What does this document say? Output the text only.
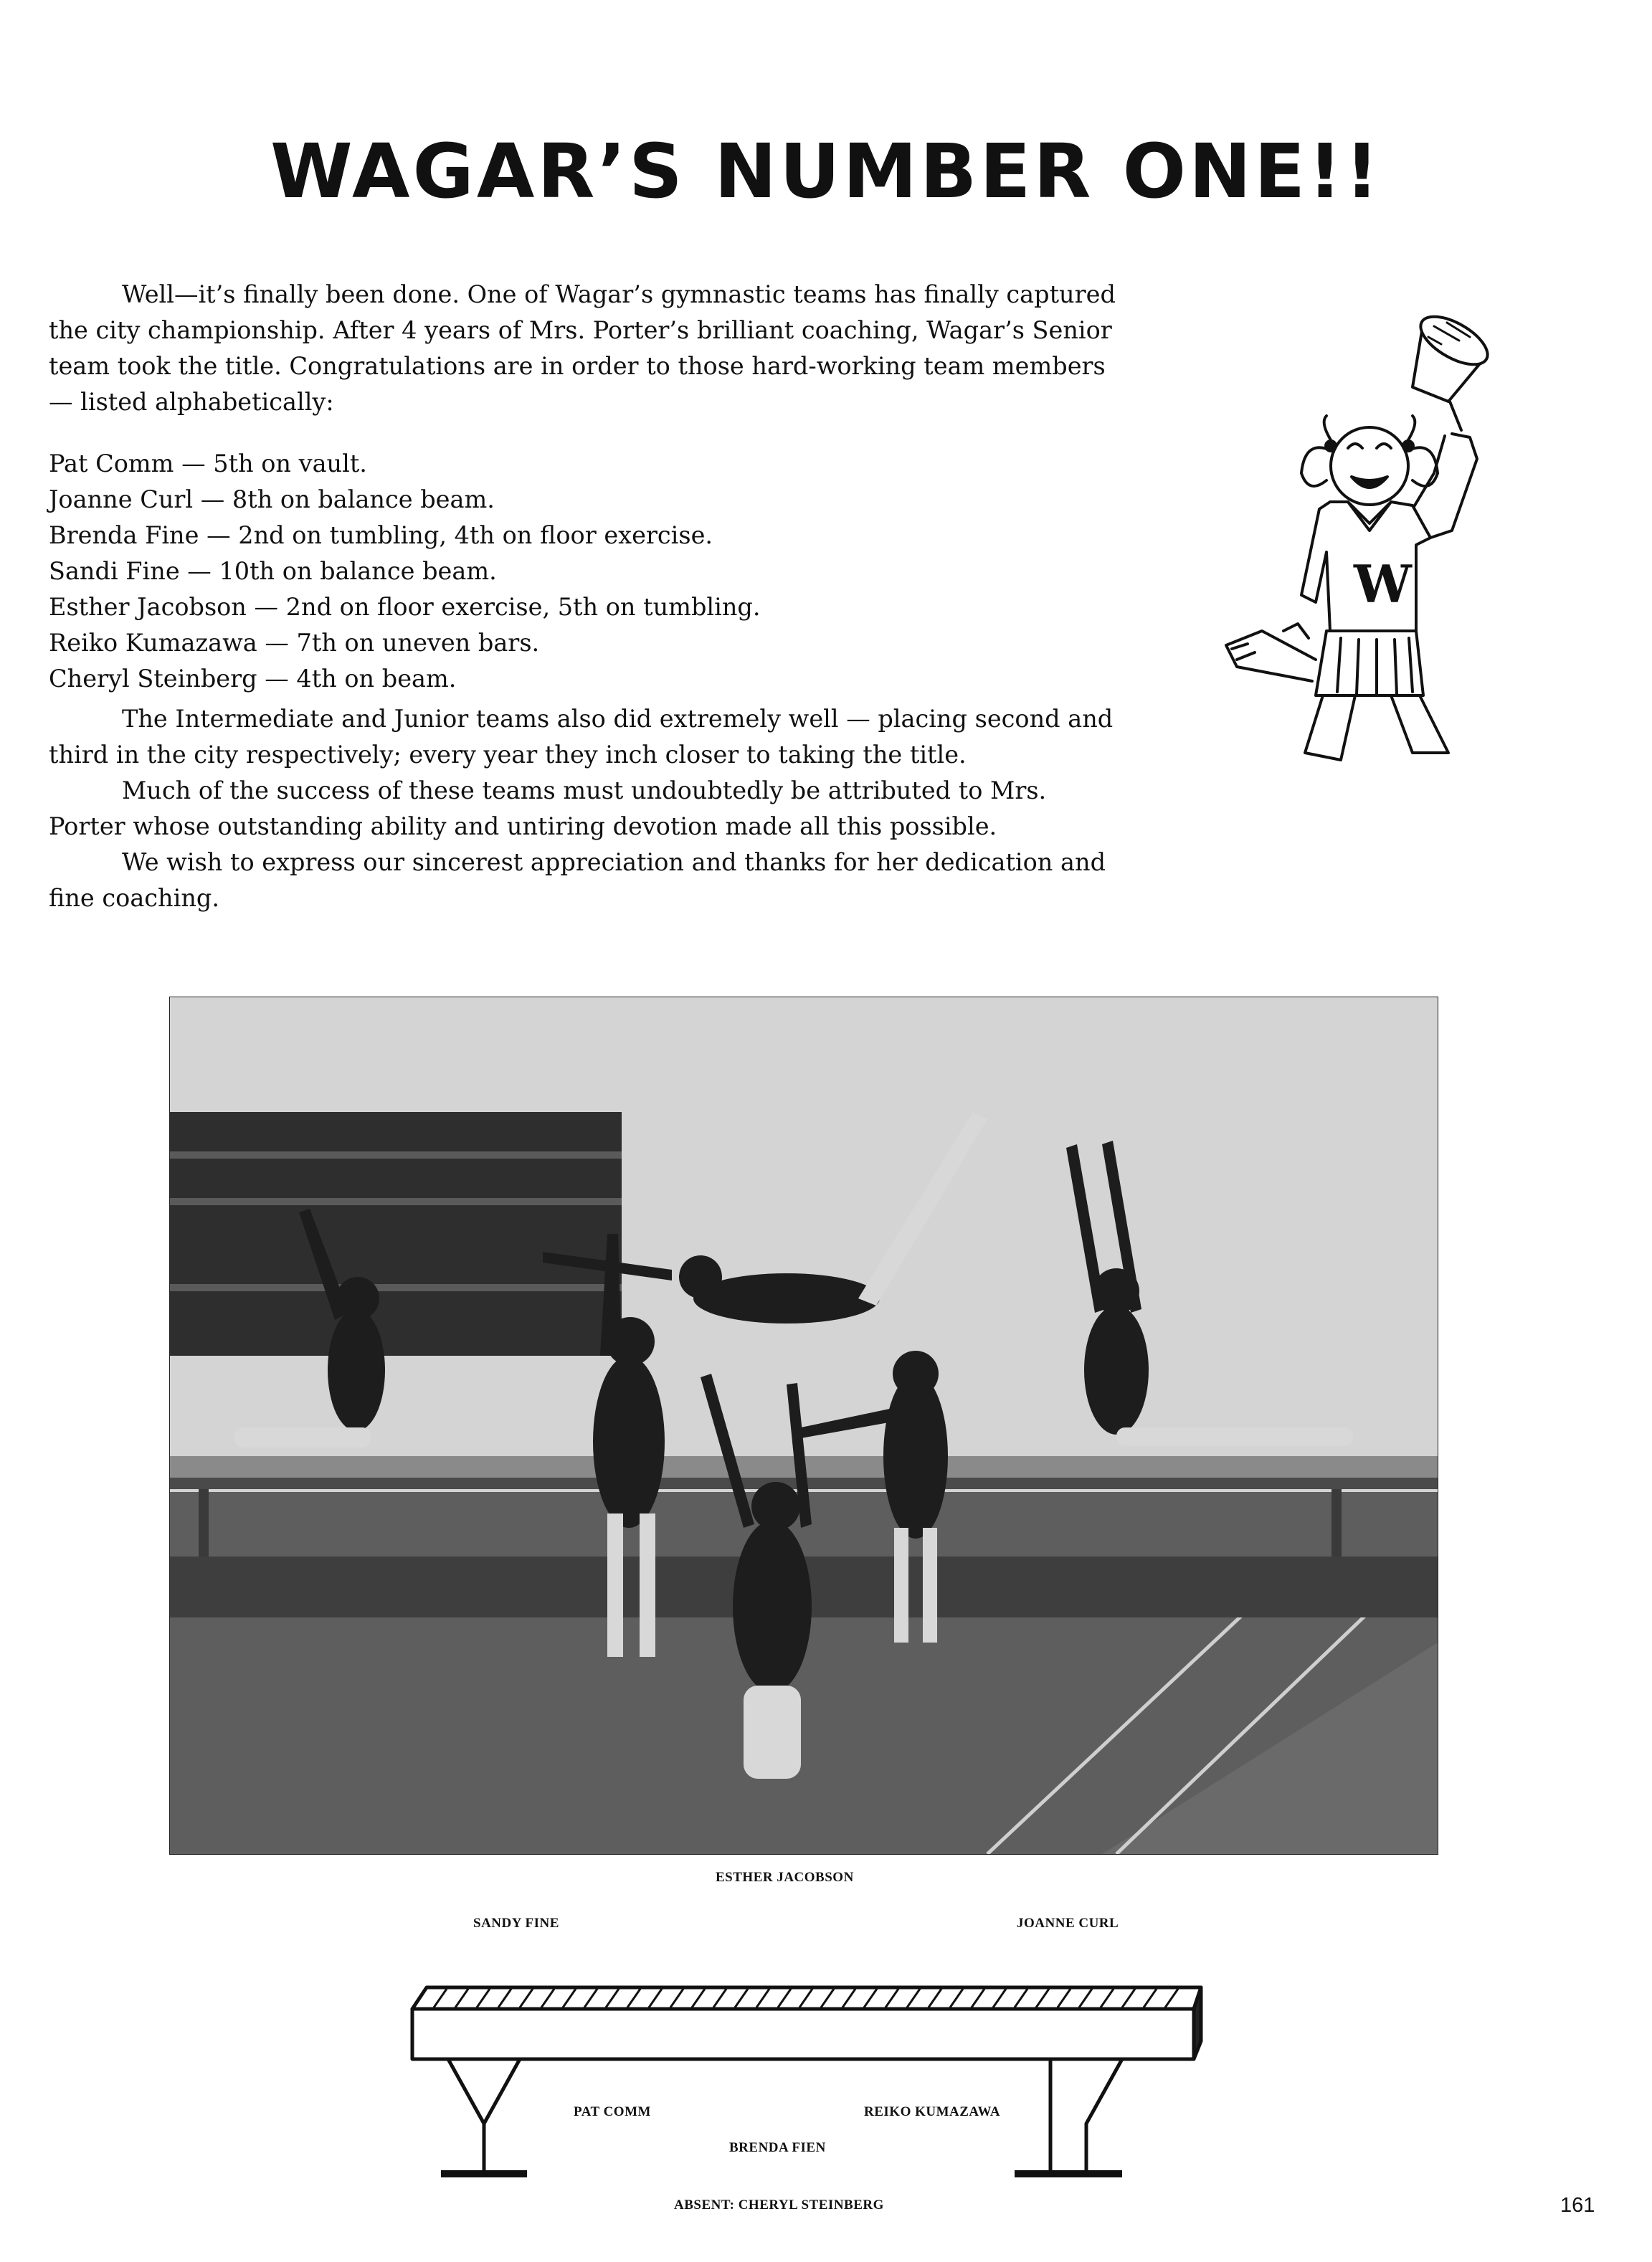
WAGAR’S NUMBER ONE!!

Well—it’s finally been done. One of Wagar’s gymnastic teams has finally captured the city championship. After 4 years of Mrs. Porter’s brilliant coaching, Wagar’s Senior team took the title. Congratulations are in order to those hard-working team members — listed alphabetically:

Pat Comm — 5th on vault.
Joanne Curl — 8th on balance beam.
Brenda Fine — 2nd on tumbling, 4th on floor exercise.
Sandi Fine — 10th on balance beam.
Esther Jacobson — 2nd on floor exercise, 5th on tumbling.
Reiko Kumazawa — 7th on uneven bars.
Cheryl Steinberg — 4th on beam.

The Intermediate and Junior teams also did extremely well — placing second and third in the city respectively; every year they inch closer to taking the title.

Much of the success of these teams must undoubtedly be attributed to Mrs. Porter whose outstanding ability and untiring devotion made all this possible.

We wish to express our sincerest appreciation and thanks for her dedication and fine coaching.

W
ESTHER JACOBSON
SANDY FINE	JOANNE CURL
PAT COMM	REIKO KUMAZAWA
BRENDA FIEN
ABSENT: CHERYL STEINBERG	161
